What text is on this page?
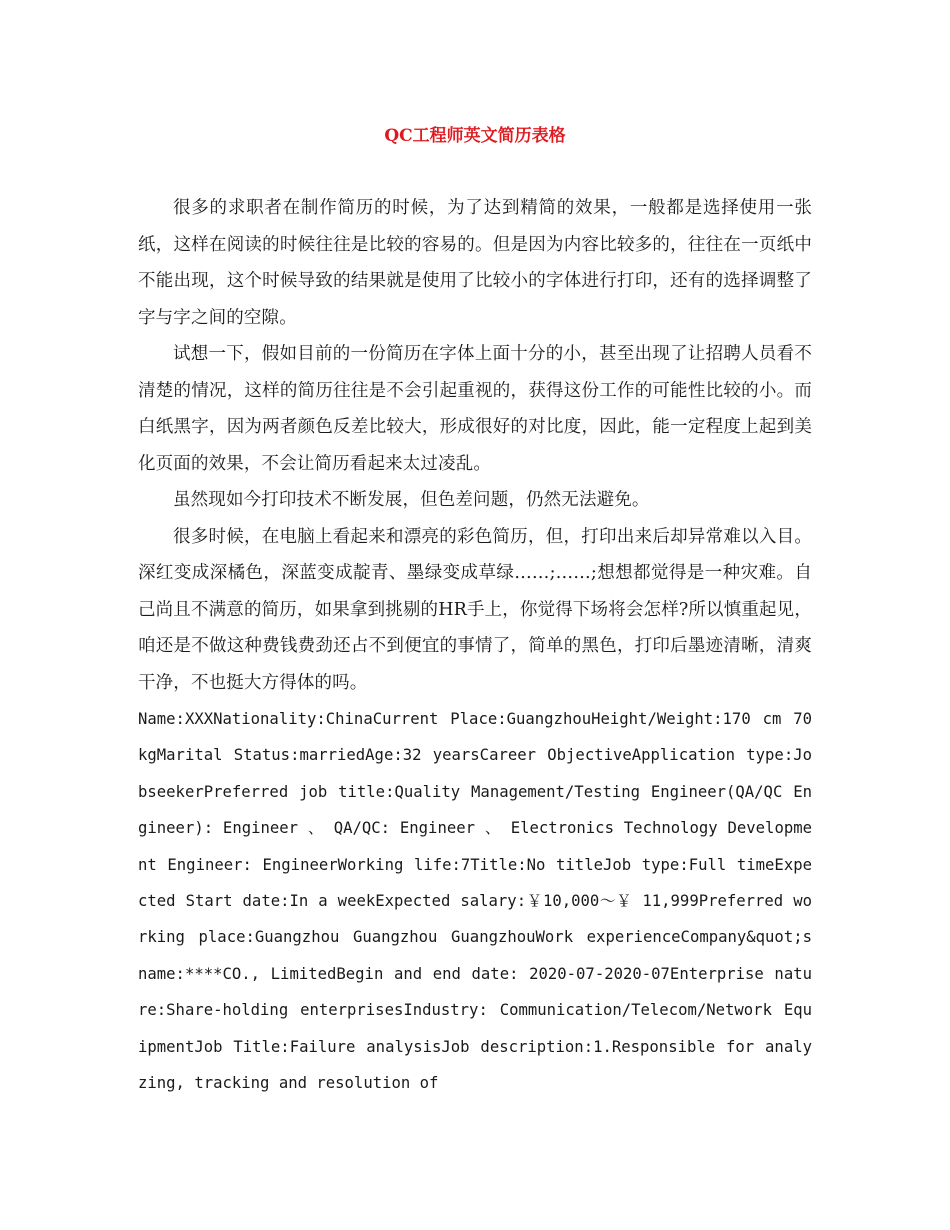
QC工程师英文简历表格

很多的求职者在制作简历的时候，为了达到精简的效果，一般都是选择使用一张纸，这样在阅读的时候往往是比较的容易的。但是因为内容比较多的，往往在一页纸中不能出现，这个时候导致的结果就是使用了比较小的字体进行打印，还有的选择调整了字与字之间的空隙。

试想一下，假如目前的一份简历在字体上面十分的小，甚至出现了让招聘人员看不清楚的情况，这样的简历往往是不会引起重视的，获得这份工作的可能性比较的小。而白纸黑字，因为两者颜色反差比较大，形成很好的对比度，因此，能一定程度上起到美化页面的效果，不会让简历看起来太过凌乱。

虽然现如今打印技术不断发展，但色差问题，仍然无法避免。

很多时候，在电脑上看起来和漂亮的彩色简历，但，打印出来后却异常难以入目。深红变成深橘色，深蓝变成靛青、墨绿变成草绿……;……;想想都觉得是一种灾难。自己尚且不满意的简历，如果拿到挑剔的HR手上，你觉得下场将会怎样?所以慎重起见，咱还是不做这种费钱费劲还占不到便宜的事情了，简单的黑色，打印后墨迹清晰，清爽干净，不也挺大方得体的吗。

Name:XXXNationality:ChinaCurrent Place:GuangzhouHeight/Weight:170 cm 70 kgMarital Status:marriedAge:32 yearsCareer ObjectiveApplication type:JobseekerPreferred job title:Quality Management/Testing Engineer(QA/QC Engineer): Engineer 、 QA/QC: Engineer 、 Electronics Technology Development Engineer: EngineerWorking life:7Title:No titleJob type:Full timeExpected Start date:In a weekExpected salary:￥10,000～￥ 11,999Preferred working place:Guangzhou Guangzhou GuangzhouWork experienceCompany&quot;s name:****CO., LimitedBegin and end date: 2020-07-2020-07Enterprise nature:Share-holding enterprisesIndustry: Communication/Telecom/Network EquipmentJob Title:Failure analysisJob description:1.Responsible for analyzing, tracking and resolution of
